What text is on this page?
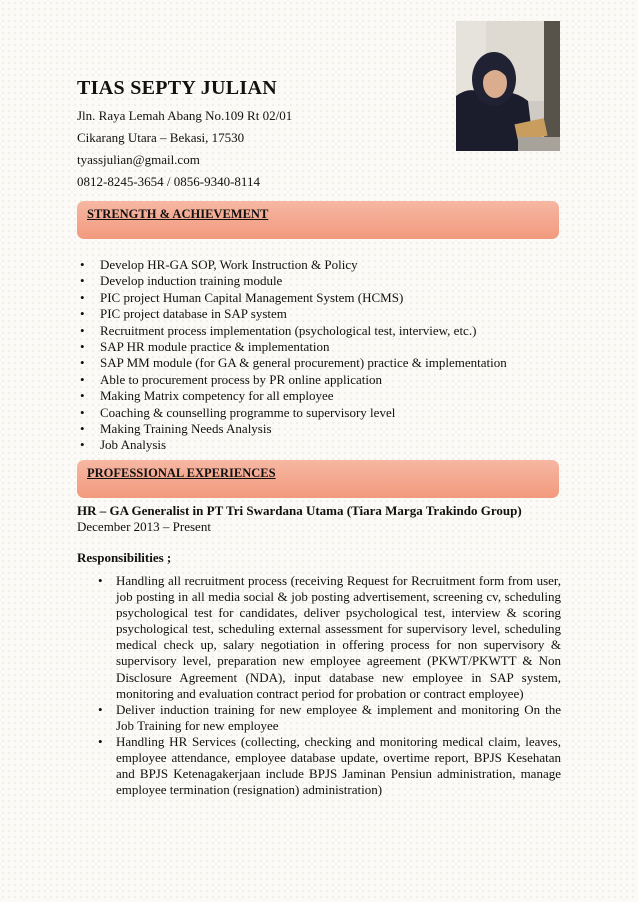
TIAS SEPTY JULIAN

Jln. Raya Lemah Abang No.109 Rt 02/01

Cikarang Utara – Bekasi, 17530

tyassjulian@gmail.com

0812-8245-3654 / 0856-9340-8114

STRENGTH & ACHIEVEMENT
• Develop HR-GA SOP, Work Instruction & Policy
• Develop induction training module
• PIC project Human Capital Management System (HCMS)
• PIC project database in SAP system
• Recruitment process implementation (psychological test, interview, etc.)
• SAP HR module practice & implementation
• SAP MM module (for GA & general procurement) practice & implementation
• Able to procurement process by PR online application
• Making Matrix competency for all employee
• Coaching & counselling programme to supervisory level
• Making Training Needs Analysis
• Job Analysis
PROFESSIONAL EXPERIENCES

HR – GA Generalist in PT Tri Swardana Utama (Tiara Marga Trakindo Group)

December 2013 – Present

Responsibilities ;

• Handling all recruitment process (receiving Request for Recruitment form from user, job posting in all media social & job posting advertisement, screening cv, scheduling psychological test for candidates, deliver psychological test, interview & scoring psychological test, scheduling external assessment for supervisory level, scheduling medical check up, salary negotiation in offering process for non supervisory & supervisory level, preparation new employee agreement (PKWT/PKWTT & Non Disclosure Agreement (NDA), input database new employee in SAP system, monitoring and evaluation contract period for probation or contract employee)
• Deliver induction training for new employee & implement and monitoring On the Job Training for new employee
• Handling HR Services (collecting, checking and monitoring medical claim, leaves, employee attendance, employee database update, overtime report, BPJS Kesehatan and BPJS Ketenagakerjaan include BPJS Jaminan Pensiun administration, manage employee termination (resignation) administration)
